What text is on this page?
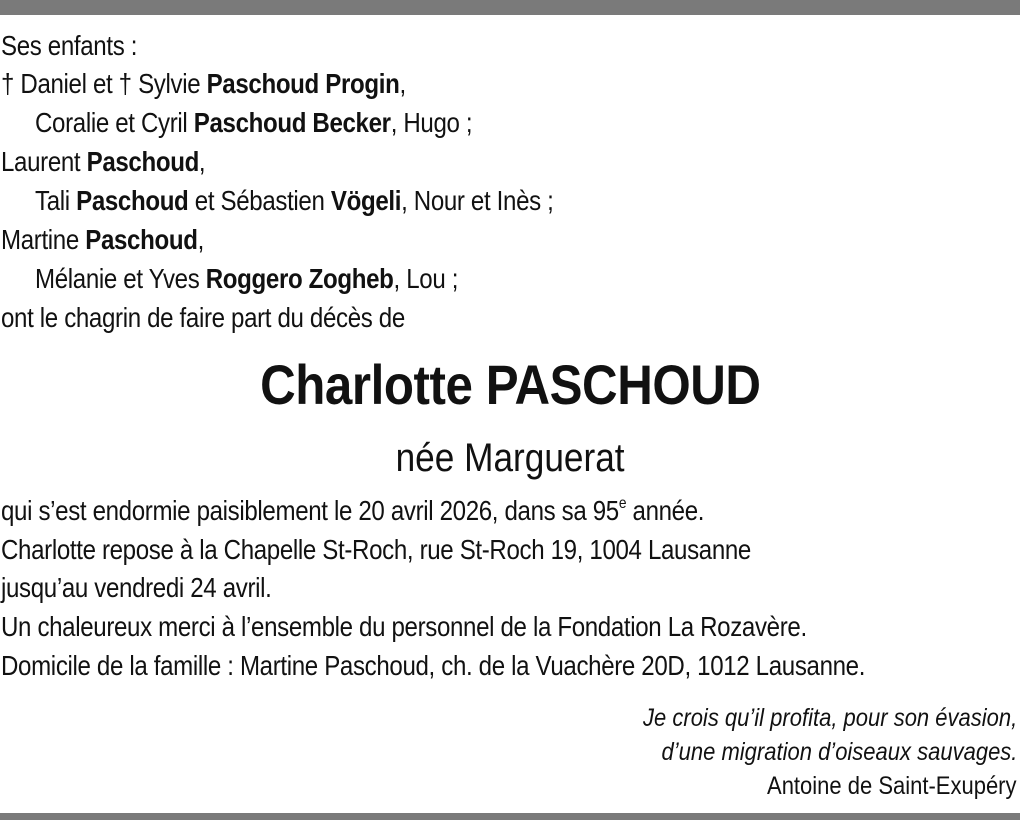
Ses enfants :
† Daniel et † Sylvie Paschoud Progin,
Coralie et Cyril Paschoud Becker, Hugo ;
Laurent Paschoud,
Tali Paschoud et Sébastien Vögeli, Nour et Inès ;
Martine Paschoud,
Mélanie et Yves Roggero Zogheb, Lou ;
ont le chagrin de faire part du décès de
Charlotte PASCHOUD
née Marguerat
qui s’est endormie paisiblement le 20 avril 2026, dans sa 95e année.
Charlotte repose à la Chapelle St-Roch, rue St-Roch 19, 1004 Lausanne
jusqu’au vendredi 24 avril.
Un chaleureux merci à l’ensemble du personnel de la Fondation La Rozavère.
Domicile de la famille : Martine Paschoud, ch. de la Vuachère 20D, 1012 Lausanne.
Je crois qu’il profita, pour son évasion,
d’une migration d’oiseaux sauvages.
Antoine de Saint-Exupéry
